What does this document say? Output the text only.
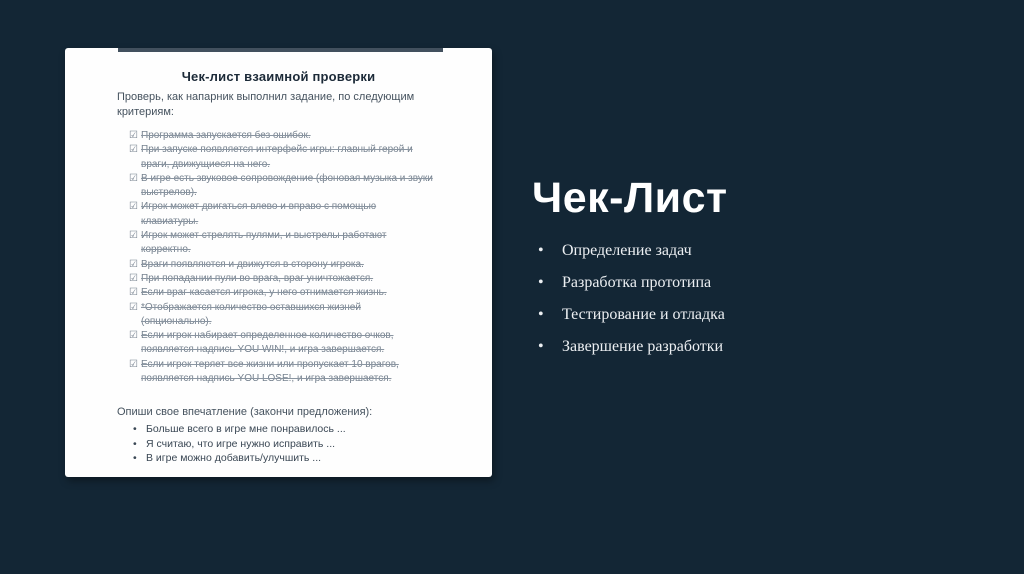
Чек-лист взаимной проверки
Проверь, как напарник выполнил задание, по следующим критериям:
☑ Программа запускается без ошибок.
☑ При запуске появляется интерфейс игры: главный герой и враги, движущиеся на него.
☑ В игре есть звуковое сопровождение (фоновая музыка и звуки выстрелов).
☑ Игрок может двигаться влево и вправо с помощью клавиатуры.
☑ Игрок может стрелять пулями, и выстрелы работают корректно.
☑ Враги появляются и движутся в сторону игрока.
☑ При попадании пули во врага, враг уничтожается.
☑ Если враг касается игрока, у него отнимается жизнь.
☑ *Отображается количество оставшихся жизней (опционально).
☑ Если игрок набирает определенное количество очков, появляется надпись YOU WIN!, и игра завершается.
☑ Если игрок теряет все жизни или пропускает 10 врагов, появляется надпись YOU LOSE!, и игра завершается.
Опиши свое впечатление (закончи предложения):
• Больше всего в игре мне понравилось ...
• Я считаю, что игре нужно исправить ...
• В игре можно добавить/улучшить ...
Чек-Лист
• Определение задач
• Разработка прототипа
• Тестирование и отладка
• Завершение разработки
